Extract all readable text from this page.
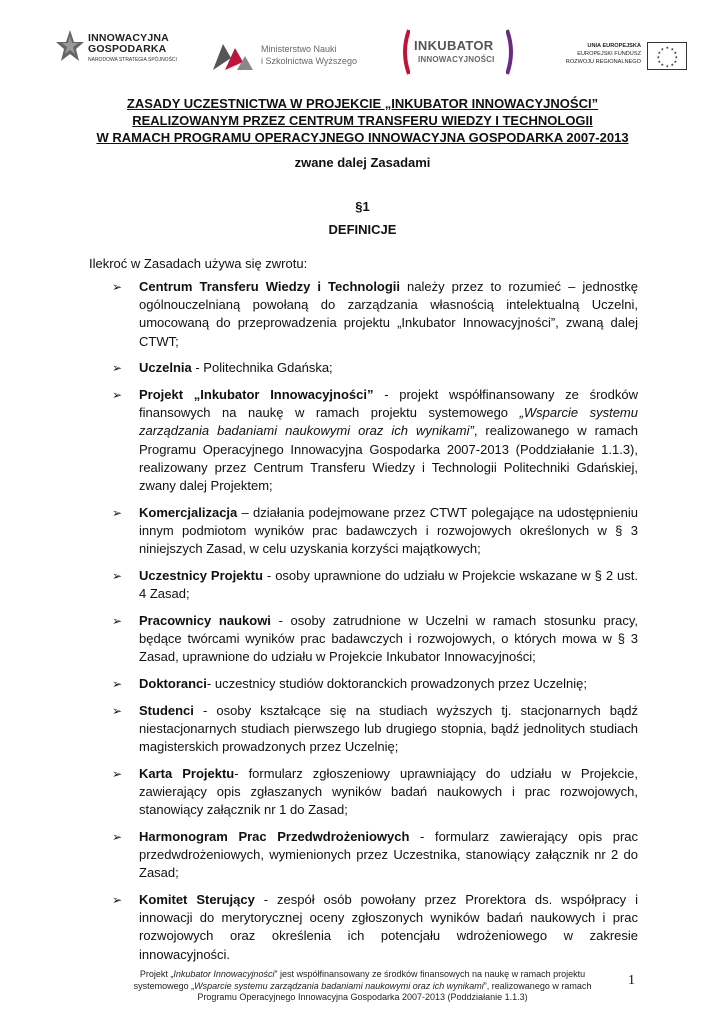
INNOWACYJNA
GOSPODARKA
NARODOWA STRATEGIA SPÓJNOŚCI
Ministerstwo Nauki
i Szkolnictwa Wyższego
INKUBATOR
INNOWACYJNOŚCI
UNIA EUROPEJSKA
EUROPEJSKI FUNDUSZ
ROZWOJU REGIONALNEGO
★ ★
★
★
★
★
★
★
★
★
★
★
ZASADY UCZESTNICTWA W PROJEKCIE „INKUBATOR INNOWACYJNOŚCI”
REALIZOWANYM PRZEZ CENTRUM TRANSFERU WIEDZY I TECHNOLOGII
W RAMACH PROGRAMU OPERACYJNEGO INNOWACYJNA GOSPODARKA 2007-2013
zwane dalej Zasadami
§1
DEFINICJE
Ilekroć w Zasadach używa się zwrotu:
➢ Centrum Transferu Wiedzy i Technologii należy przez to rozumieć – jednostkę ogólnouczelnianą powołaną do zarządzania własnością intelektualną Uczelni, umocowaną do przeprowadzenia projektu „Inkubator Innowacyjności”, zwaną dalej CTWT;
➢ Uczelnia - Politechnika Gdańska;
➢ Projekt „Inkubator Innowacyjności” - projekt współfinansowany ze środków finansowych na naukę w ramach projektu systemowego „Wsparcie systemu zarządzania badaniami naukowymi oraz ich wynikami”, realizowanego w ramach Programu Operacyjnego Innowacyjna Gospodarka 2007-2013 (Poddziałanie 1.1.3), realizowany przez Centrum Transferu Wiedzy i Technologii Politechniki Gdańskiej, zwany dalej Projektem;
➢ Komercjalizacja – działania podejmowane przez CTWT polegające na udostępnieniu innym podmiotom wyników prac badawczych i rozwojowych określonych w § 3 niniejszych Zasad, w celu uzyskania korzyści majątkowych;
➢ Uczestnicy Projektu - osoby uprawnione do udziału w Projekcie wskazane w § 2 ust. 4 Zasad;
➢ Pracownicy naukowi - osoby zatrudnione w Uczelni w ramach stosunku pracy, będące twórcami wyników prac badawczych i rozwojowych, o których mowa w § 3 Zasad, uprawnione do udziału w Projekcie Inkubator Innowacyjności;
➢ Doktoranci- uczestnicy studiów doktoranckich prowadzonych przez Uczelnię;
➢ Studenci - osoby kształcące się na studiach wyższych tj. stacjonarnych bądź niestacjonarnych studiach pierwszego lub drugiego stopnia, bądź jednolitych studiach magisterskich prowadzonych przez Uczelnię;
➢ Karta Projektu- formularz zgłoszeniowy uprawniający do udziału w Projekcie, zawierający opis zgłaszanych wyników badań naukowych i prac rozwojowych, stanowiący załącznik nr 1 do Zasad;
➢ Harmonogram Prac Przedwdrożeniowych - formularz zawierający opis prac przedwdrożeniowych, wymienionych przez Uczestnika, stanowiący załącznik nr 2 do Zasad;
➢ Komitet Sterujący - zespół osób powołany przez Prorektora ds. współpracy i innowacji do merytorycznej oceny zgłoszonych wyników badań naukowych i prac rozwojowych oraz określenia ich potencjału wdrożeniowego w zakresie innowacyjności.
Projekt „Inkubator Innowacyjności” jest współfinansowany ze środków finansowych na naukę w ramach projektu
systemowego „Wsparcie systemu zarządzania badaniami naukowymi oraz ich wynikami”, realizowanego w ramach
Programu Operacyjnego Innowacyjna Gospodarka 2007-2013 (Poddziałanie 1.1.3)
1
